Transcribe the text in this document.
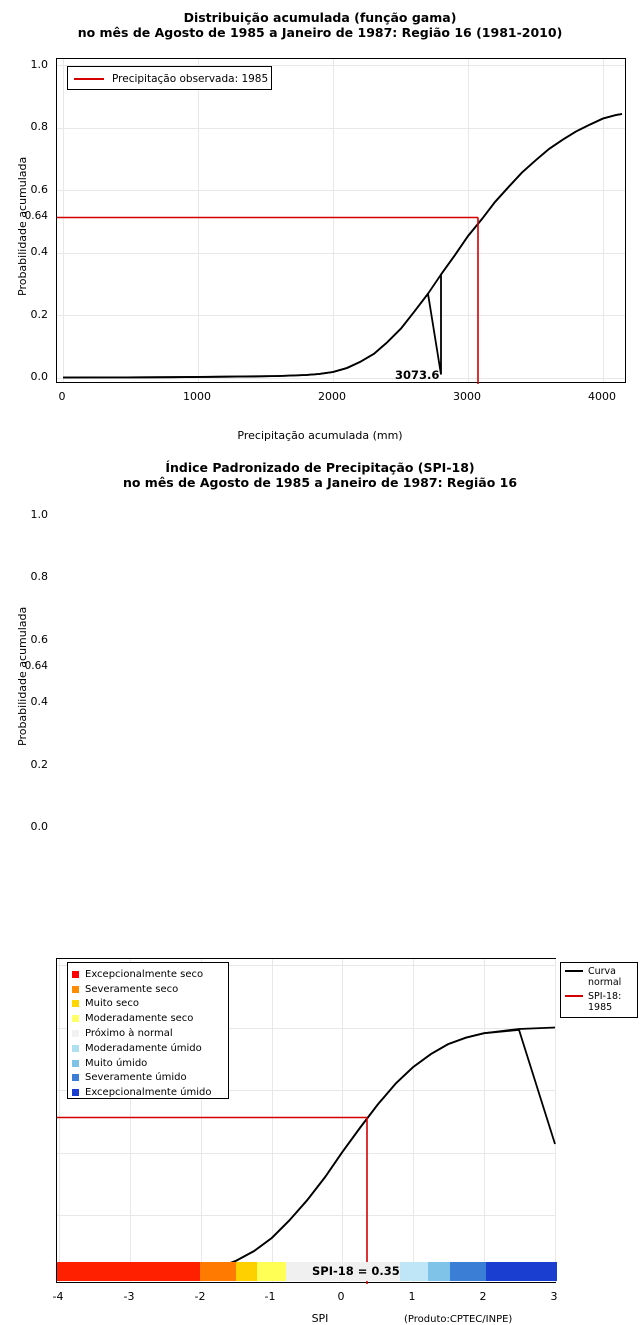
Distribuição acumulada (função gama)
no mês de Agosto de 1985 a Janeiro de 1987: Região 16 (1981-2010)
Probabilidade acumulada
0.0
0.2
0.4
0.6
0.8
1.0
0.64
0	1000	2000	3000	4000
3073.6
Precipitação acumulada (mm)
Precipitação observada: 1985
Índice Padronizado de Precipitação (SPI-18)
no mês de Agosto de 1985 a Janeiro de 1987: Região 16
Probabilidade acumulada
0.0
0.2
0.4
0.6
0.8
1.0
0.64
SPI-18 = 0.35
-4	-3	-2	-1	0	1	2	3
SPI	(Produto:CPTEC/INPE)
Excepcionalmente seco
Severamente seco
Muito seco
Moderadamente seco
Próximo à normal
Moderadamente úmido
Muito úmido
Severamente úmido
Excepcionalmente úmido
Curva
normal
SPI-18: 1985
